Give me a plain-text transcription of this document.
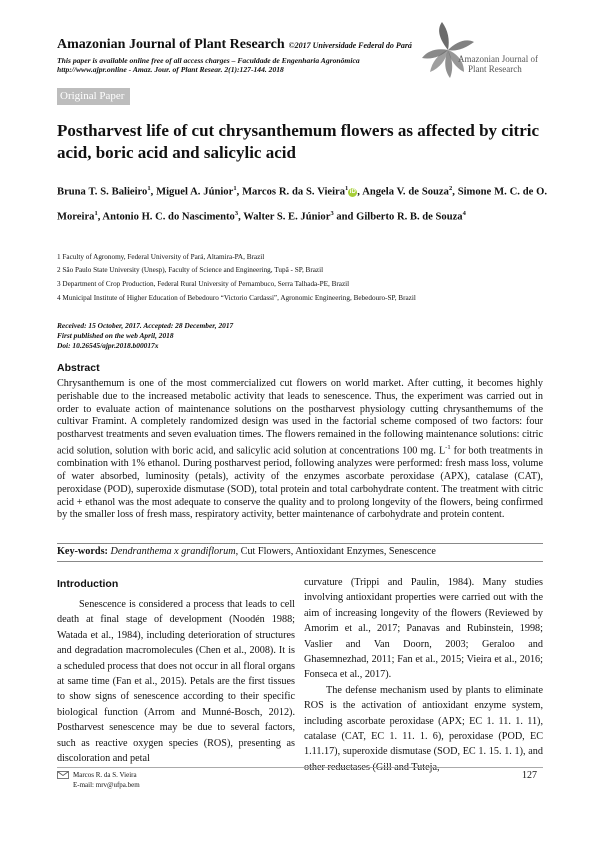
Amazonian Journal of Plant Research ©2017 Universidade Federal do Pará
This paper is available online free of all access charges – Faculdade de Engenharia Agronômica
http://www.ajpr.online - Amaz. Jour. of Plant Resear. 2(1):127-144. 2018
Amazonian Journal of
Plant Research
Original Paper
Postharvest life of cut chrysanthemum flowers as affected by citric acid, boric acid and salicylic acid
Bruna T. S. Balieiro$^1$, Miguel A. Júnior$^1$, Marcos R. da S. Vieira$^1$ iD , Angela V. de Souza$^2$, Simone M. C. de O. Moreira$^1$, Antonio H. C. do Nascimento$^3$, Walter S. E. Júnior$^3$ and Gilberto R. B. de Souza$^4$
1 Faculty of Agronomy, Federal University of Pará, Altamira-PA, Brazil
2 São Paulo State University (Unesp), Faculty of Science and Engineering, Tupã - SP, Brazil
3 Department of Crop Production, Federal Rural University of Pernambuco, Serra Talhada-PE, Brazil
4 Municipal Institute of Higher Education of Bebedouro “Victorio Cardassi”, Agronomic Engineering, Bebedouro-SP, Brazil
Received: 15 October, 2017. Accepted: 28 December, 2017
First published on the web April, 2018
Doi: 10.26545/ajpr.2018.b00017x
Abstract
Chrysanthemum is one of the most commercialized cut flowers on world market. After cutting, it becomes highly perishable due to the increased metabolic activity that leads to senescence. Thus, the experiment was carried out in order to evaluate action of maintenance solutions on the postharvest physiology cutting chrysanthemums of the cultivar Framint. A completely randomized design was used in the factorial scheme composed of two factors: four postharvest treatments and seven evaluation times. The flowers remained in the following maintenance solutions: citric acid solution, solution with boric acid, and salicylic acid solution at concentrations 100 mg. $L^{-1}$ for both treatments in combination with 1% ethanol. During postharvest period, following analyzes were performed: fresh mass loss, volume of water absorbed, luminosity (petals), activity of the enzymes ascorbate peroxidase (APX), catalase (CAT), peroxidase (POD), superoxide dismutase (SOD), total protein and total carbohydrate content. The treatment with citric acid + ethanol was the most adequate to conserve the quality and to prolong longevity of the flowers, being confirmed by the smaller loss of fresh mass, respiratory activity, better maintenance of carbohydrate and protein content.
Key-words: Dendranthema x grandiflorum, Cut Flowers, Antioxidant Enzymes, Senescence
Introduction

Senescence is considered a process that leads to cell death at final stage of development (Noodén 1988; Watada et al., 1984), including deterioration of structures and degradation macromolecules (Chen et al., 2008). It is a scheduled process that does not occur in all floral organs at same time (Fan et al., 2015). Petals are the first tissues to show signs of senescence according to their specific biological function (Arrom and Munné-Bosch, 2012). Postharvest senescence may be due to several factors, such as reactive oxygen species (ROS), presenting as discoloration and petal

curvature (Trippi and Paulin, 1984). Many studies involving antioxidant properties were carried out with the aim of increasing longevity of the flowers (Reviewed by Amorim et al., 2017; Panavas and Rubinstein, 1998; Vaslier and Van Doorn, 2003; Geraloo and Ghasemnezhad, 2011; Fan et al., 2015; Vieira et al., 2016; Fonseca et al., 2017).

The defense mechanism used by plants to eliminate ROS is the activation of antioxidant enzyme system, including ascorbate peroxidase (APX; EC 1. 11. 1. 11), catalase (CAT, EC 1. 11. 1. 6), peroxidase (POD, EC 1.11.17), superoxide dismutase (SOD, EC 1. 15. 1. 1), and other reductases (Gill and Tuteja,

Marcos R. da S. Vieira
E-mail: mrv@ufpa.bem
127
